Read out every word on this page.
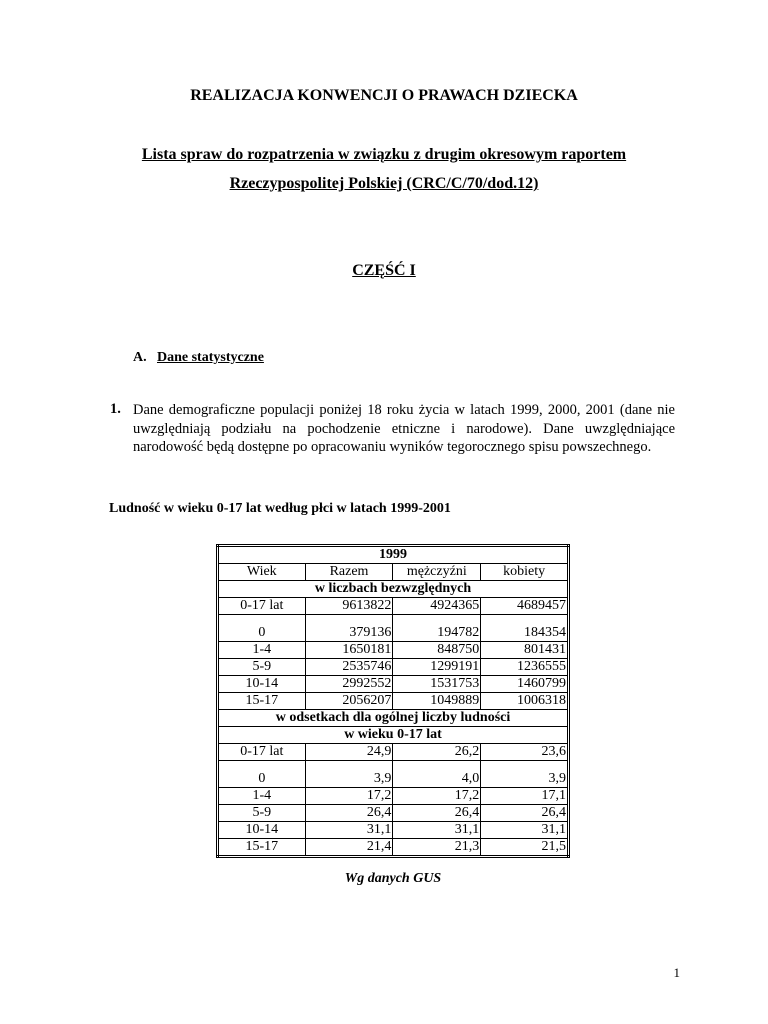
REALIZACJA KONWENCJI O PRAWACH DZIECKA
Lista spraw do rozpatrzenia w związku z drugim okresowym raportem
Rzeczypospolitej Polskiej (CRC/C/70/dod.12)
CZĘŚĆ I
A. Dane statystyczne
1. Dane demograficzne populacji poniżej 18 roku życia w latach 1999, 2000, 2001 (dane nie uwzględniają podziału na pochodzenie etniczne i narodowe). Dane uwzględniające narodowość będą dostępne po opracowaniu wyników tegorocznego spisu powszechnego.
Ludność w wieku 0-17 lat według płci w latach 1999-2001
1999			
Wiek	Razem	mężczyźni	kobiety
w liczbach bezwzględnych			
0-17 lat	9613822	4924365	4689457
0	379136	194782	184354
1-4	1650181	848750	801431
5-9	2535746	1299191	1236555
10-14	2992552	1531753	1460799
15-17	2056207	1049889	1006318
w odsetkach dla ogólnej liczby ludności			
w wieku 0-17 lat			
0-17 lat	24,9	26,2	23,6
0	3,9	4,0	3,9
1-4	17,2	17,2	17,1
5-9	26,4	26,4	26,4
10-14	31,1	31,1	31,1
15-17	21,4	21,3	21,5
Wg danych GUS
1
